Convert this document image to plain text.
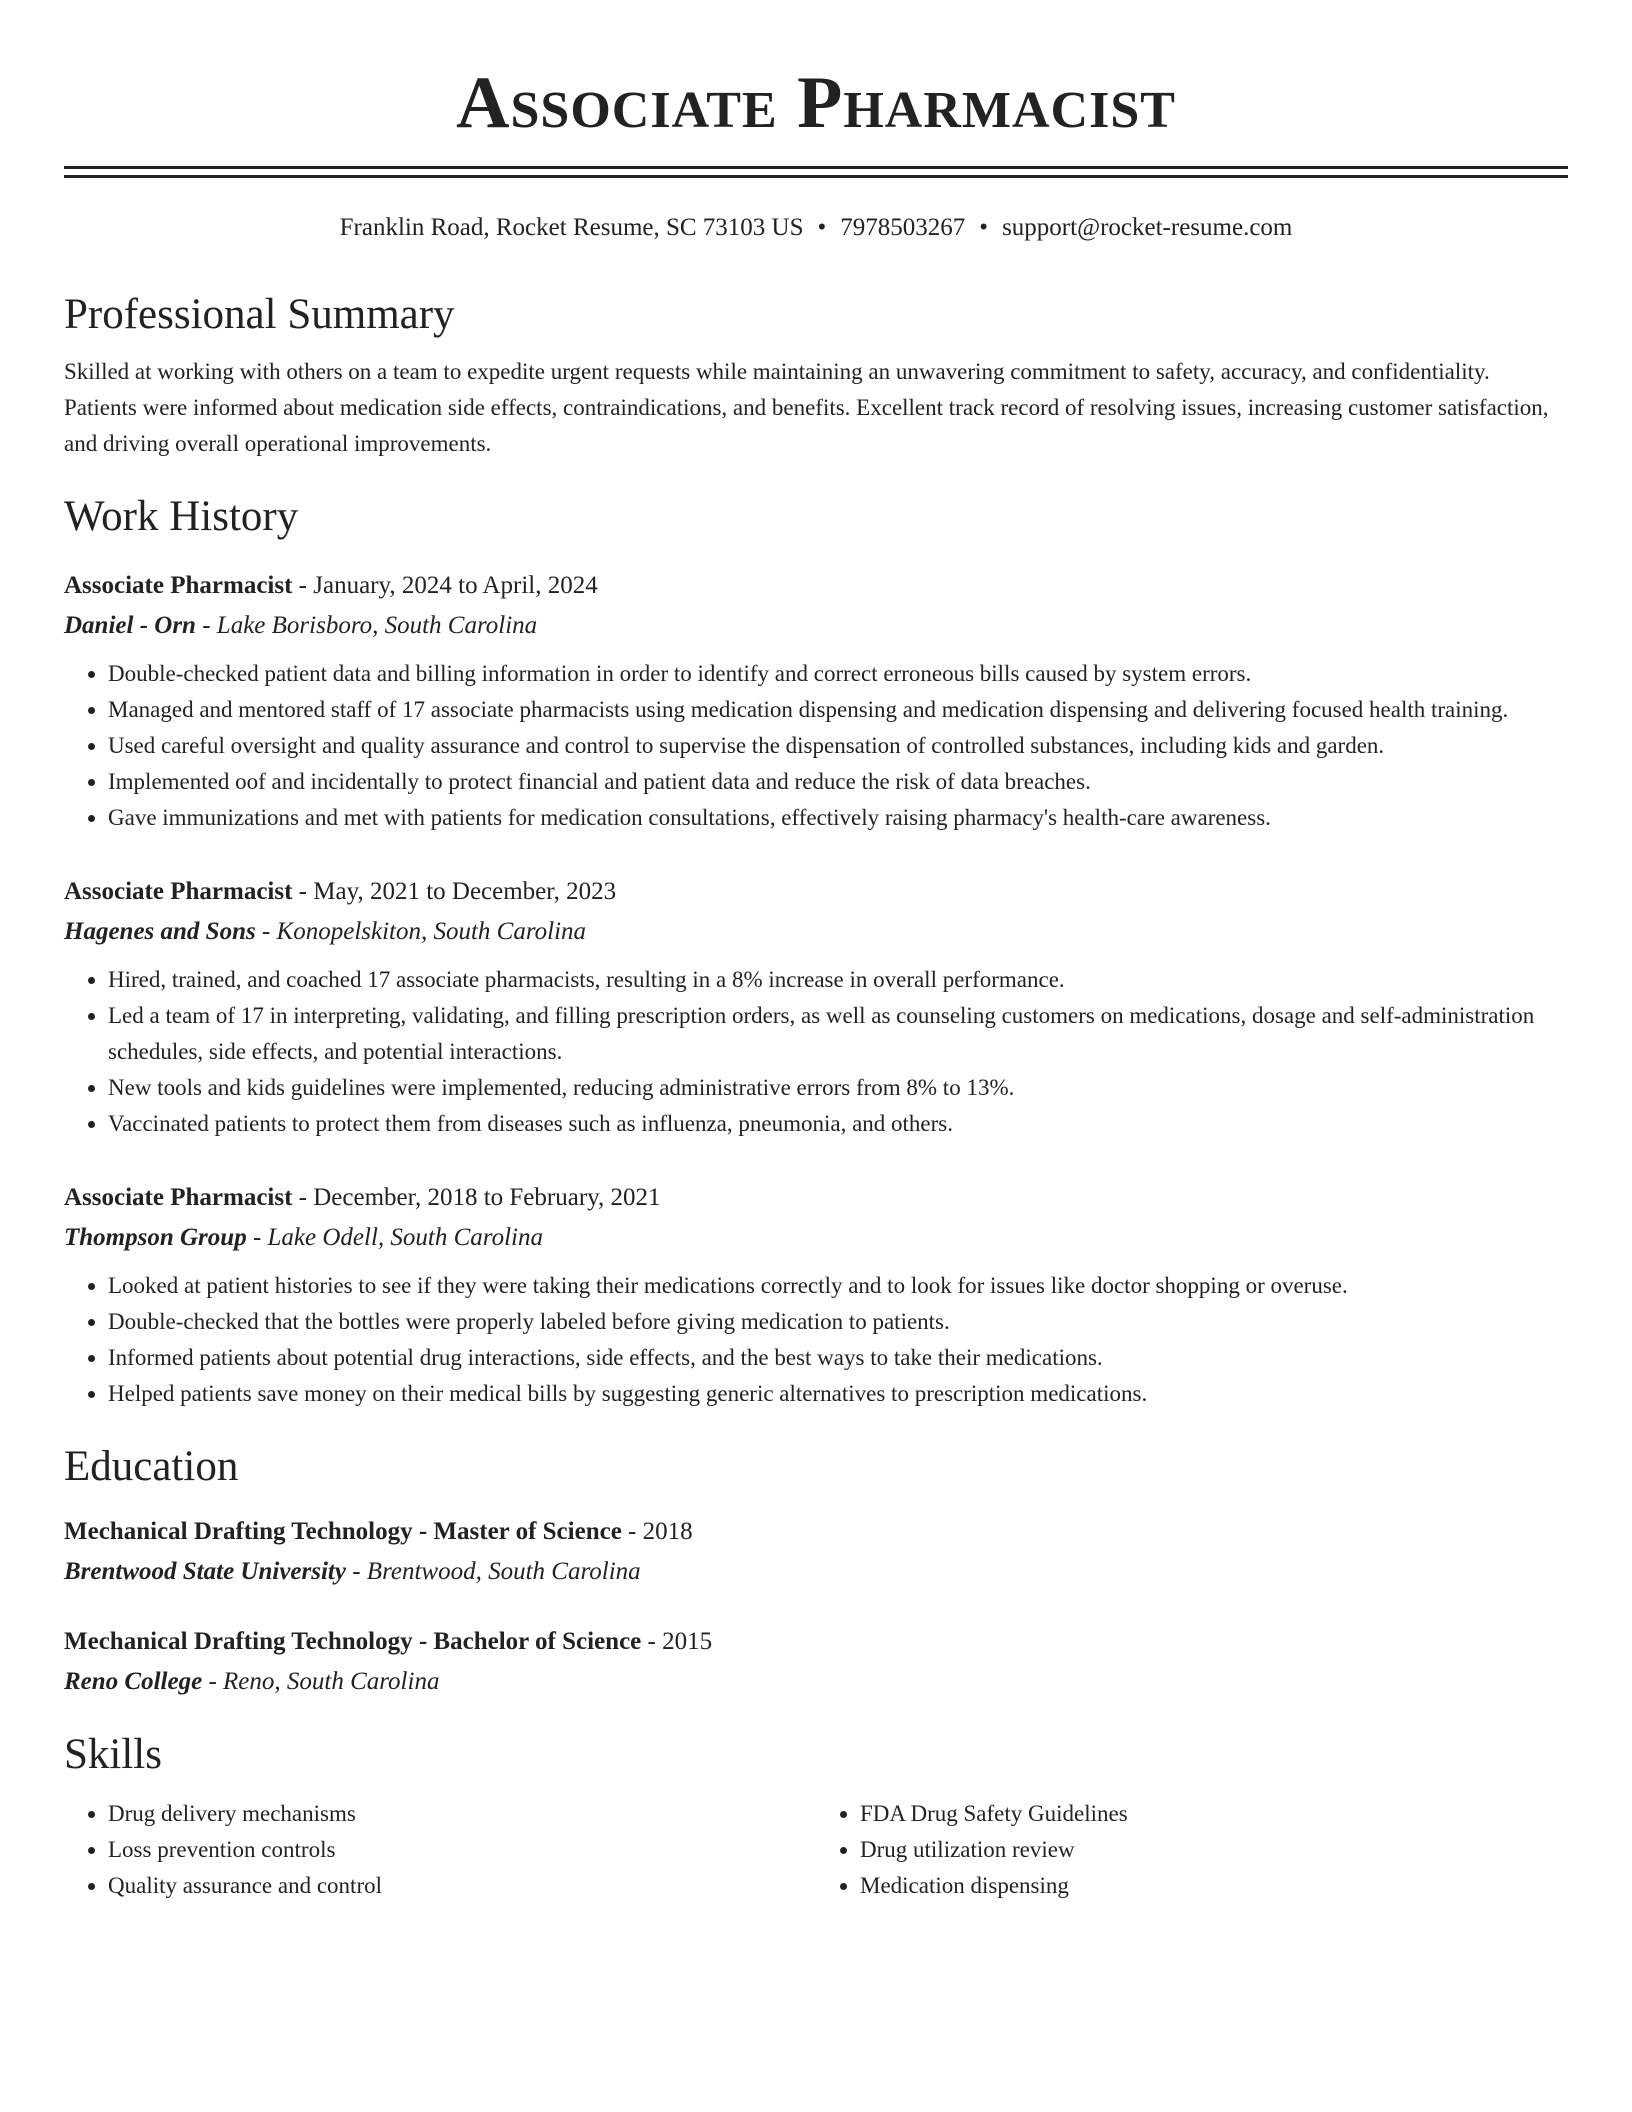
Associate Pharmacist
Franklin Road, Rocket Resume, SC 73103 US • 7978503267 • support@rocket-resume.com
Professional Summary

Skilled at working with others on a team to expedite urgent requests while maintaining an unwavering commitment to safety, accuracy, and confidentiality. Patients were informed about medication side effects, contraindications, and benefits. Excellent track record of resolving issues, increasing customer satisfaction, and driving overall operational improvements.

Work History
Associate Pharmacist - January, 2024 to April, 2024
Daniel - Orn - Lake Borisboro, South Carolina
• Double-checked patient data and billing information in order to identify and correct erroneous bills caused by system errors.
• Managed and mentored staff of 17 associate pharmacists using medication dispensing and medication dispensing and delivering focused health training.
• Used careful oversight and quality assurance and control to supervise the dispensation of controlled substances, including kids and garden.
• Implemented oof and incidentally to protect financial and patient data and reduce the risk of data breaches.
• Gave immunizations and met with patients for medication consultations, effectively raising pharmacy's health-care awareness.
Associate Pharmacist - May, 2021 to December, 2023
Hagenes and Sons - Konopelskiton, South Carolina
• Hired, trained, and coached 17 associate pharmacists, resulting in a 8% increase in overall performance.
• Led a team of 17 in interpreting, validating, and filling prescription orders, as well as counseling customers on medications, dosage and self-administration schedules, side effects, and potential interactions.
• New tools and kids guidelines were implemented, reducing administrative errors from 8% to 13%.
• Vaccinated patients to protect them from diseases such as influenza, pneumonia, and others.
Associate Pharmacist - December, 2018 to February, 2021
Thompson Group - Lake Odell, South Carolina
• Looked at patient histories to see if they were taking their medications correctly and to look for issues like doctor shopping or overuse.
• Double-checked that the bottles were properly labeled before giving medication to patients.
• Informed patients about potential drug interactions, side effects, and the best ways to take their medications.
• Helped patients save money on their medical bills by suggesting generic alternatives to prescription medications.
Education
Mechanical Drafting Technology - Master of Science - 2018
Brentwood State University - Brentwood, South Carolina
Mechanical Drafting Technology - Bachelor of Science - 2015
Reno College - Reno, South Carolina
Skills
• Drug delivery mechanisms
• Loss prevention controls
• Quality assurance and control
• FDA Drug Safety Guidelines
• Drug utilization review
• Medication dispensing
